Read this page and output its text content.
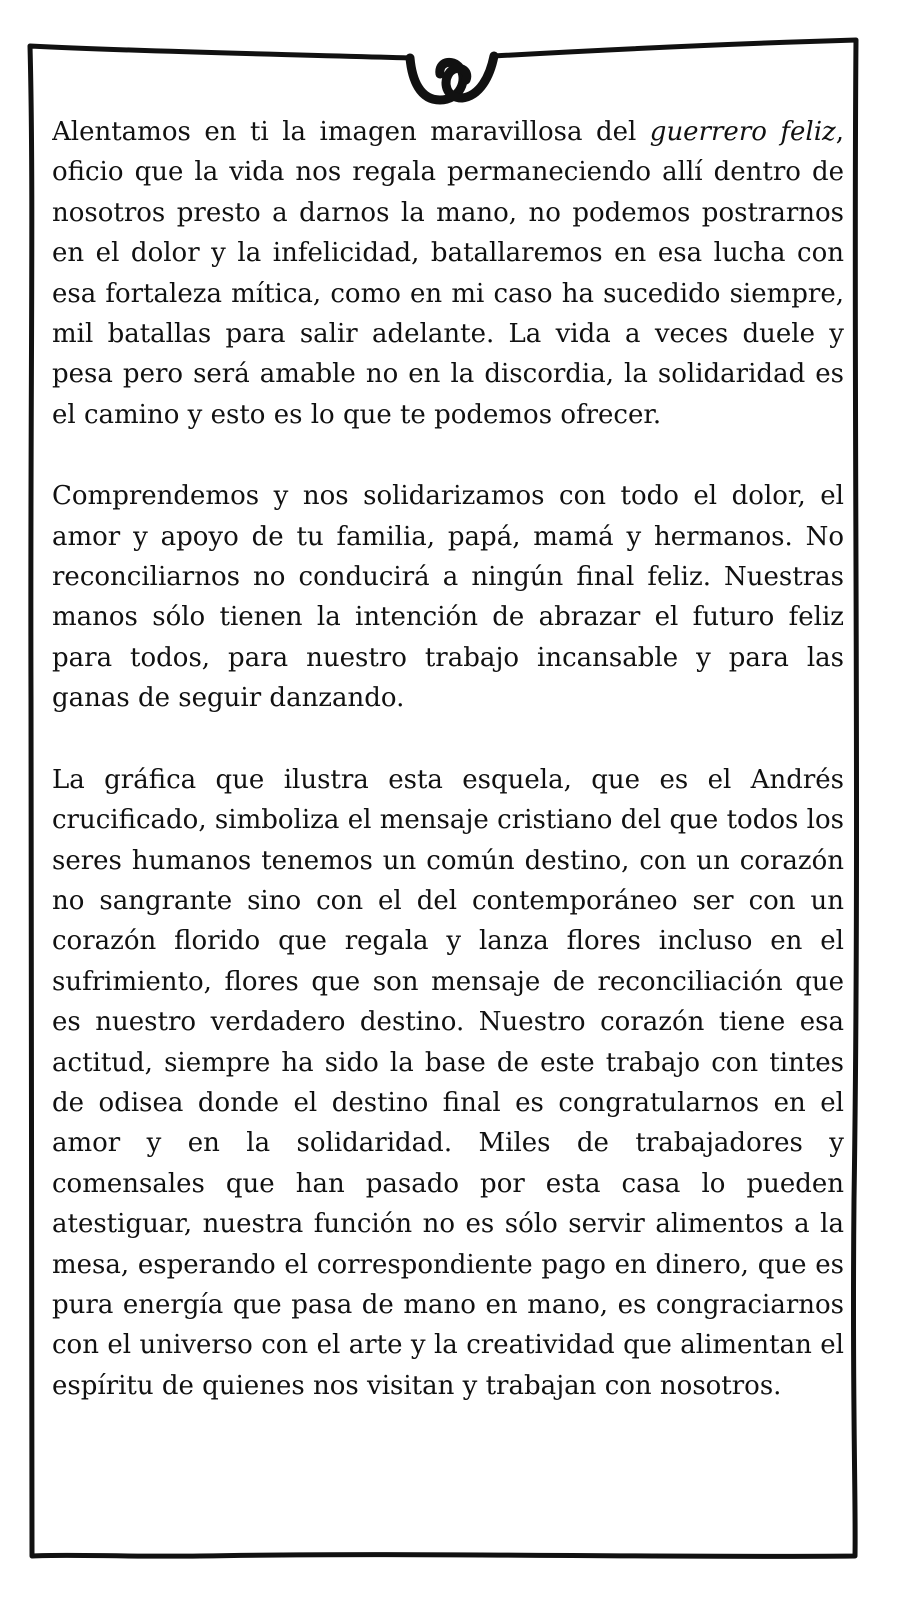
Alentamos en ti la imagen maravillosa del guerrero feliz, oficio que la vida nos regala permaneciendo allí dentro de nosotros presto a darnos la mano, no podemos postrarnos en el dolor y la infelicidad, batallaremos en esa lucha con esa fortaleza mítica, como en mi caso ha sucedido siempre, mil batallas para salir adelante. La vida a veces duele y pesa pero será amable no en la discordia, la solidaridad es el camino y esto es lo que te podemos ofrecer.

Comprendemos y nos solidarizamos con todo el dolor, el amor y apoyo de tu familia, papá, mamá y hermanos. No reconciliarnos no conducirá a ningún final feliz. Nuestras manos sólo tienen la intención de abrazar el futuro feliz para todos, para nuestro trabajo incansable y para las ganas de seguir danzando.

La gráfica que ilustra esta esquela, que es el Andrés crucificado, simboliza el mensaje cristiano del que todos los seres humanos tenemos un común destino, con un corazón no sangrante sino con el del contemporáneo ser con un corazón florido que regala y lanza flores incluso en el sufrimiento, flores que son mensaje de reconciliación que es nuestro verdadero destino. Nuestro corazón tiene esa actitud, siempre ha sido la base de este trabajo con tintes de odisea donde el destino final es congratularnos en el amor y en la solidaridad. Miles de trabajadores y comensales que han pasado por esta casa lo pueden atestiguar, nuestra función no es sólo servir alimentos a la mesa, esperando el correspondiente pago en dinero, que es pura energía que pasa de mano en mano, es congraciarnos con el universo con el arte y la creatividad que alimentan el espíritu de quienes nos visitan y trabajan con nosotros.
